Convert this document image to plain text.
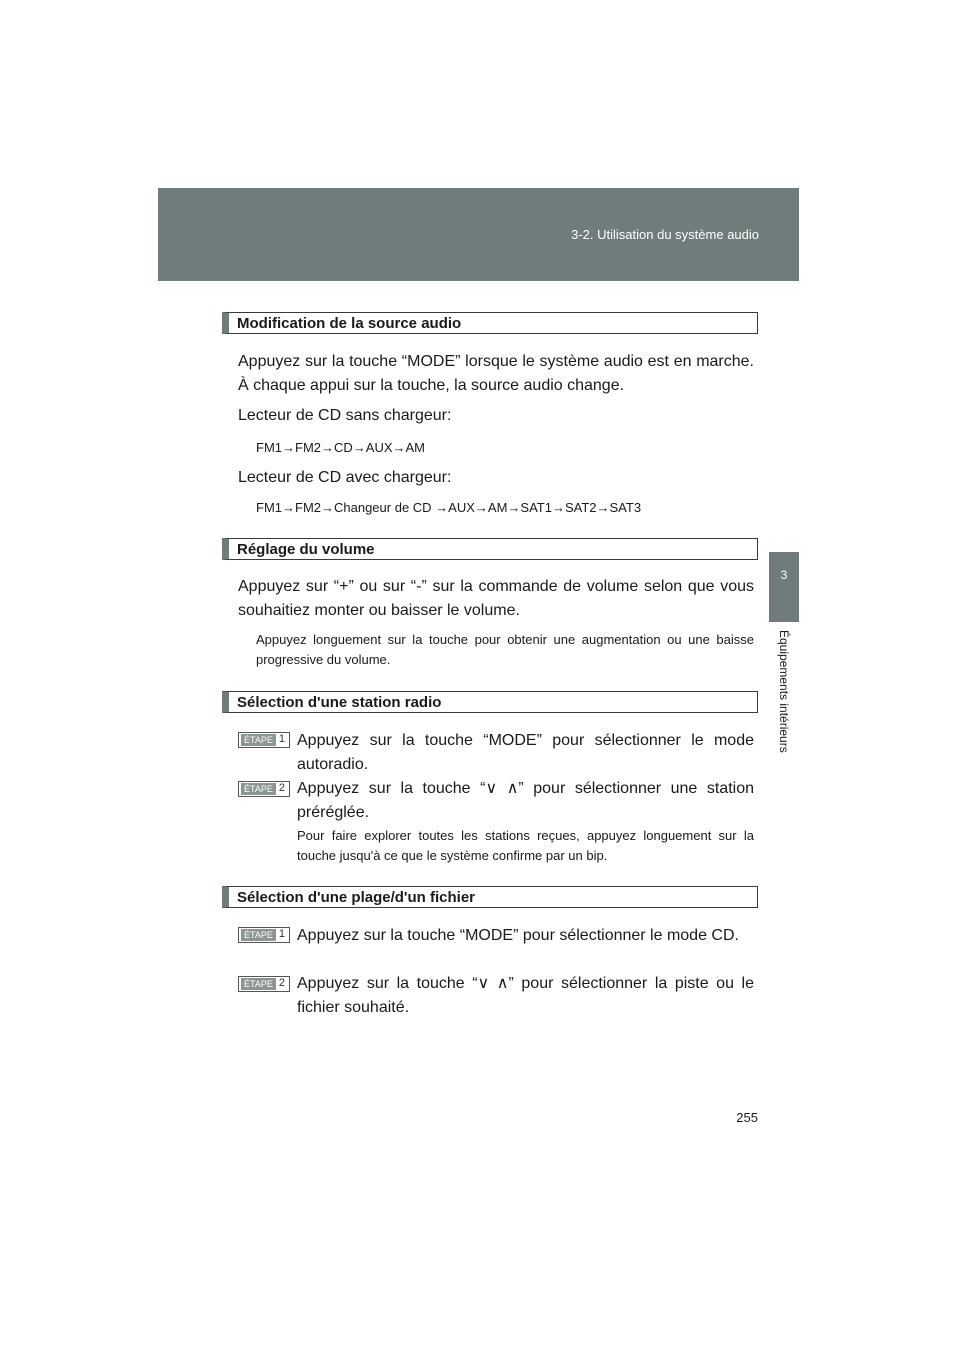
3-2. Utilisation du système audio
3
Équipements intérieurs
Modification de la source audio
Appuyez sur la touche “MODE” lorsque le système audio est en marche. À chaque appui sur la touche, la source audio change.
Lecteur de CD sans chargeur:
FM1→FM2→CD→AUX→AM
Lecteur de CD avec chargeur:
FM1→FM2→Changeur de CD →AUX→AM→SAT1→SAT2→SAT3
Réglage du volume
Appuyez sur “+” ou sur “-” sur la commande de volume selon que vous souhaitiez monter ou baisser le volume.
Appuyez longuement sur la touche pour obtenir une augmentation ou une baisse progressive du volume.
Sélection d'une station radio
ÉTAPE 1 Appuyez sur la touche “MODE” pour sélectionner le mode autoradio.
ÉTAPE 2 Appuyez sur la touche “∨ ∧” pour sélectionner une station préréglée.
Pour faire explorer toutes les stations reçues, appuyez longuement sur la touche jusqu'à ce que le système confirme par un bip.
Sélection d'une plage/d'un fichier
ÉTAPE 1 Appuyez sur la touche “MODE” pour sélectionner le mode CD.
ÉTAPE 2 Appuyez sur la touche “∨ ∧” pour sélectionner la piste ou le fichier souhaité.
255
